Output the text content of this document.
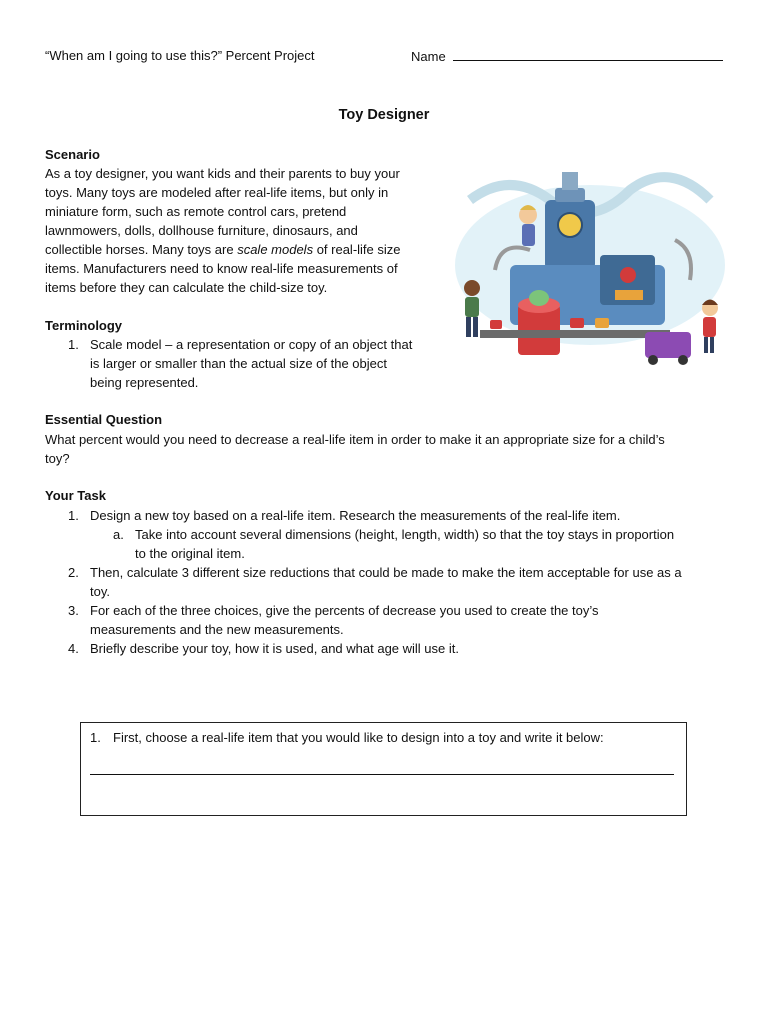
“When am I going to use this?” Percent Project	Name
Toy Designer
Scenario
As a toy designer, you want kids and their parents to buy your
toys. Many toys are modeled after real-life items, but only in
miniature form, such as remote control cars, pretend
lawnmowers, dolls, dollhouse furniture, dinosaurs, and
collectible horses. Many toys are scale models of real-life size
items. Manufacturers need to know real-life measurements of
items before they can calculate the child-size toy.
Terminology
1. Scale model – a representation or copy of an object that
is larger or smaller than the actual size of the object
being represented.
Essential Question
What percent would you need to decrease a real-life item in order to make it an appropriate size for a child’s
toy?
Your Task
1. Design a new toy based on a real-life item. Research the measurements of the real-life item.
a. Take into account several dimensions (height, length, width) so that the toy stays in proportion
to the original item.
2. Then, calculate 3 different size reductions that could be made to make the item acceptable for use as a
toy.
3. For each of the three choices, give the percents of decrease you used to create the toy’s
measurements and the new measurements.
4. Briefly describe your toy, how it is used, and what age will use it.
1. First, choose a real-life item that you would like to design into a toy and write it below:
